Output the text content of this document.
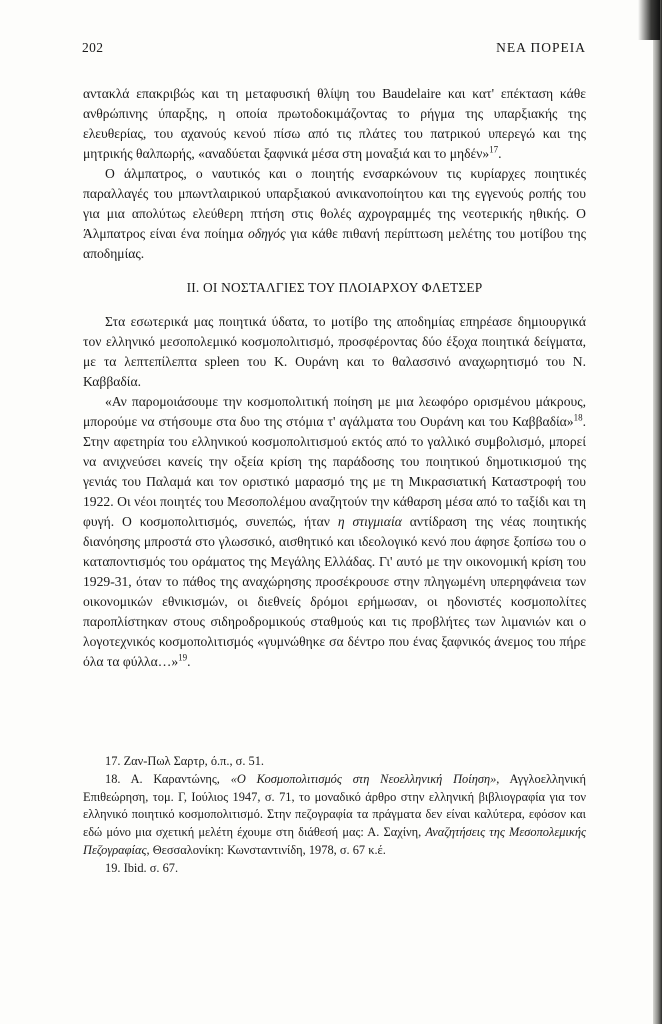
202	ΝΕΑ ΠΟΡΕΙΑ

αντακλά επακριβώς και τη μεταφυσική θλίψη του Baudelaire και κατ' επέκταση κάθε ανθρώπινης ύπαρξης, η οποία πρωτοδοκιμάζοντας το ρήγμα της υπαρξιακής της ελευθερίας, του αχανούς κενού πίσω από τις πλάτες του πατρικού υπερεγώ και της μητρικής θαλπωρής, «αναδύεται ξαφνικά μέσα στη μοναξιά και το μηδέν»$^{17}$.

Ο άλμπατρος, ο ναυτικός και ο ποιητής ενσαρκώνουν τις κυρίαρχες ποιητικές παραλλαγές του μπωντλαιρικού υπαρξιακού ανικανοποίητου και της εγγενούς ροπής του για μια απολύτως ελεύθερη πτήση στις θολές αχρογραμμές της νεοτερικής ηθικής. Ο Άλμπατρος είναι ένα ποίημα οδηγός για κάθε πιθανή περίπτωση μελέτης του μοτίβου της αποδημίας.

II. ΟΙ ΝΟΣΤΑΛΓΙΕΣ ΤΟΥ ΠΛΟΙΑΡΧΟΥ ΦΛΕΤΣΕΡ

Στα εσωτερικά μας ποιητικά ύδατα, το μοτίβο της αποδημίας επηρέασε δημιουργικά τον ελληνικό μεσοπολεμικό κοσμοπολιτισμό, προσφέροντας δύο έξοχα ποιητικά δείγματα, με τα λεπτεπίλεπτα spleen του Κ. Ουράνη και το θαλασσινό αναχωρητισμό του Ν. Καββαδία.

«Αν παρομοιάσουμε την κοσμοπολιτική ποίηση με μια λεωφόρο ορισμένου μάκρους, μπορούμε να στήσουμε στα δυο της στόμια τ' αγάλματα του Ουράνη και του Καββαδία»$^{18}$. Στην αφετηρία του ελληνικού κοσμοπολιτισμού εκτός από το γαλλικό συμβολισμό, μπορεί να ανιχνεύσει κανείς την οξεία κρίση της παράδοσης του ποιητικού δημοτικισμού της γενιάς του Παλαμά και τον οριστικό μαρασμό της με τη Μικρασιατική Καταστροφή του 1922. Οι νέοι ποιητές του Μεσοπολέμου αναζητούν την κάθαρση μέσα από το ταξίδι και τη φυγή. Ο κοσμοπολιτισμός, συνεπώς, ήταν η στιγμιαία αντίδραση της νέας ποιητικής διανόησης μπροστά στο γλωσσικό, αισθητικό και ιδεολογικό κενό που άφησε ξοπίσω του ο καταποντισμός του οράματος της Μεγάλης Ελλάδας. Γι' αυτό με την οικονομική κρίση του 1929-31, όταν το πάθος της αναχώρησης προσέκρουσε στην πληγωμένη υπερηφάνεια των οικονομικών εθνικισμών, οι διεθνείς δρόμοι ερήμωσαν, οι ηδονιστές κοσμοπολίτες παροπλίστηκαν στους σιδηροδρομικούς σταθμούς και τις προβλήτες των λιμανιών και ο λογοτεχνικός κοσμοπολιτισμός «γυμνώθηκε σα δέντρο που ένας ξαφνικός άνεμος του πήρε όλα τα φύλλα…»$^{19}$.

17. Ζαν-Πωλ Σαρτρ, ό.π., σ. 51.

18. Α. Καραντώνης, «Ο Κοσμοπολιτισμός στη Νεοελληνική Ποίηση», Αγγλοελληνική Επιθεώρηση, τομ. Γ, Ιούλιος 1947, σ. 71, το μοναδικό άρθρο στην ελληνική βιβλιογραφία για τον ελληνικό ποιητικό κοσμοπολιτισμό. Στην πεζογραφία τα πράγματα δεν είναι καλύτερα, εφόσον και εδώ μόνο μια σχετική μελέτη έχουμε στη διάθεσή μας: Α. Σαχίνη, Αναζητήσεις της Μεσοπολεμικής Πεζογραφίας, Θεσσαλονίκη: Κωνσταντινίδη, 1978, σ. 67 κ.έ.

19. Ibid. σ. 67.
